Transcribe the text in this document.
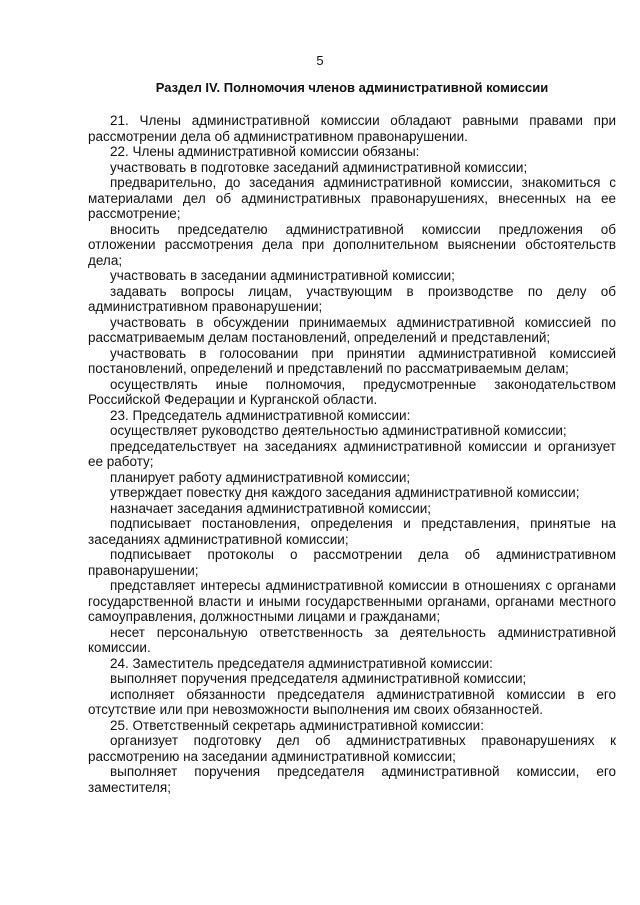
5
Раздел IV. Полномочия членов административной комиссии

21. Члены административной комиссии обладают равными правами при рассмотрении дела об административном правонарушении.

22. Члены административной комиссии обязаны:

участвовать в подготовке заседаний административной комиссии;

предварительно, до заседания административной комиссии, знакомиться с материалами дел об административных правонарушениях, внесенных на ее рассмотрение;

вносить председателю административной комиссии предложения об отложении рассмотрения дела при дополнительном выяснении обстоятельств дела;

участвовать в заседании административной комиссии;

задавать вопросы лицам, участвующим в производстве по делу об административном правонарушении;

участвовать в обсуждении принимаемых административной комиссией по рассматриваемым делам постановлений, определений и представлений;

участвовать в голосовании при принятии административной комиссией постановлений, определений и представлений по рассматриваемым делам;

осуществлять иные полномочия, предусмотренные законодательством Российской Федерации и Курганской области.

23. Председатель административной комиссии:

осуществляет руководство деятельностью административной комиссии;

председательствует на заседаниях административной комиссии и организует ее работу;

планирует работу административной комиссии;

утверждает повестку дня каждого заседания административной комиссии;

назначает заседания административной комиссии;

подписывает постановления, определения и представления, принятые на заседаниях административной комиссии;

подписывает протоколы о рассмотрении дела об административном правонарушении;

представляет интересы административной комиссии в отношениях с органами государственной власти и иными государственными органами, органами местного самоуправления, должностными лицами и гражданами;

несет персональную ответственность за деятельность административной комиссии.

24. Заместитель председателя административной комиссии:

выполняет поручения председателя административной комиссии;

исполняет обязанности председателя административной комиссии в его отсутствие или при невозможности выполнения им своих обязанностей.

25. Ответственный секретарь административной комиссии:

организует подготовку дел об административных правонарушениях к рассмотрению на заседании административной комиссии;

выполняет поручения председателя административной комиссии, его заместителя;
